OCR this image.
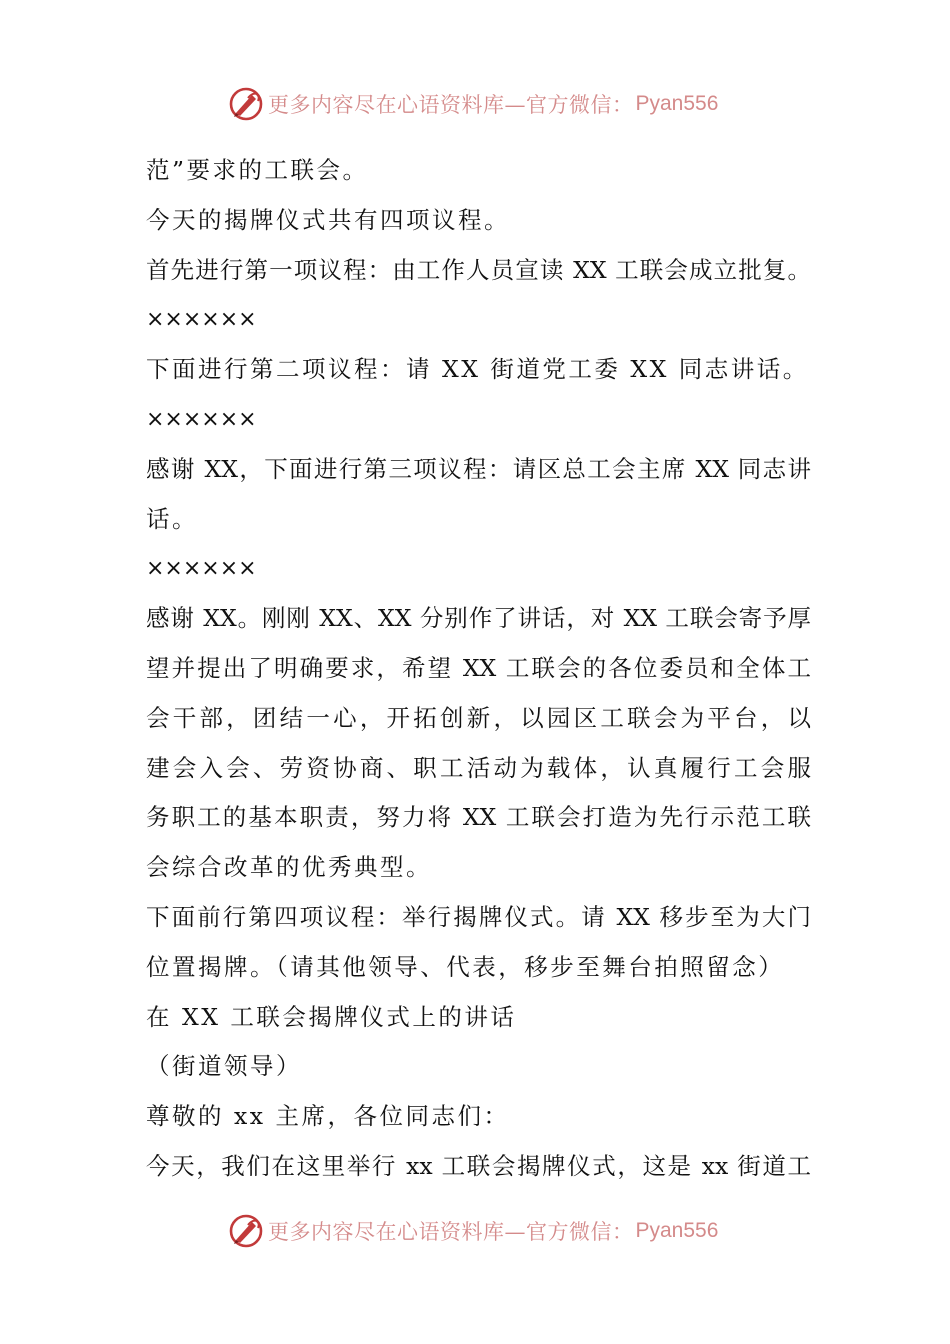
更多内容尽在心语资料库—官方微信： Pyan556
范”要求的工联会。
今天的揭牌仪式共有四项议程。
首先进行第一项议程：由工作人员宣读 XX 工联会成立批复。
××××××
下面进行第二项议程：请 XX 街道党工委 XX 同志讲话。
××××××
感谢 XX，下面进行第三项议程：请区总工会主席 XX 同志讲
话。
××××××
感谢 XX。刚刚 XX、XX 分别作了讲话，对 XX 工联会寄予厚
望并提出了明确要求，希望 XX 工联会的各位委员和全体工
会干部，团结一心，开拓创新，以园区工联会为平台，以
建会入会、劳资协商、职工活动为载体，认真履行工会服
务职工的基本职责，努力将 XX 工联会打造为先行示范工联
会综合改革的优秀典型。
下面前行第四项议程：举行揭牌仪式。请 XX 移步至为大门
位置揭牌。（请其他领导、代表，移步至舞台拍照留念）
在 XX 工联会揭牌仪式上的讲话
（街道领导）
尊敬的 xx 主席，各位同志们：
今天，我们在这里举行 xx 工联会揭牌仪式，这是 xx 街道工
更多内容尽在心语资料库—官方微信： Pyan556
